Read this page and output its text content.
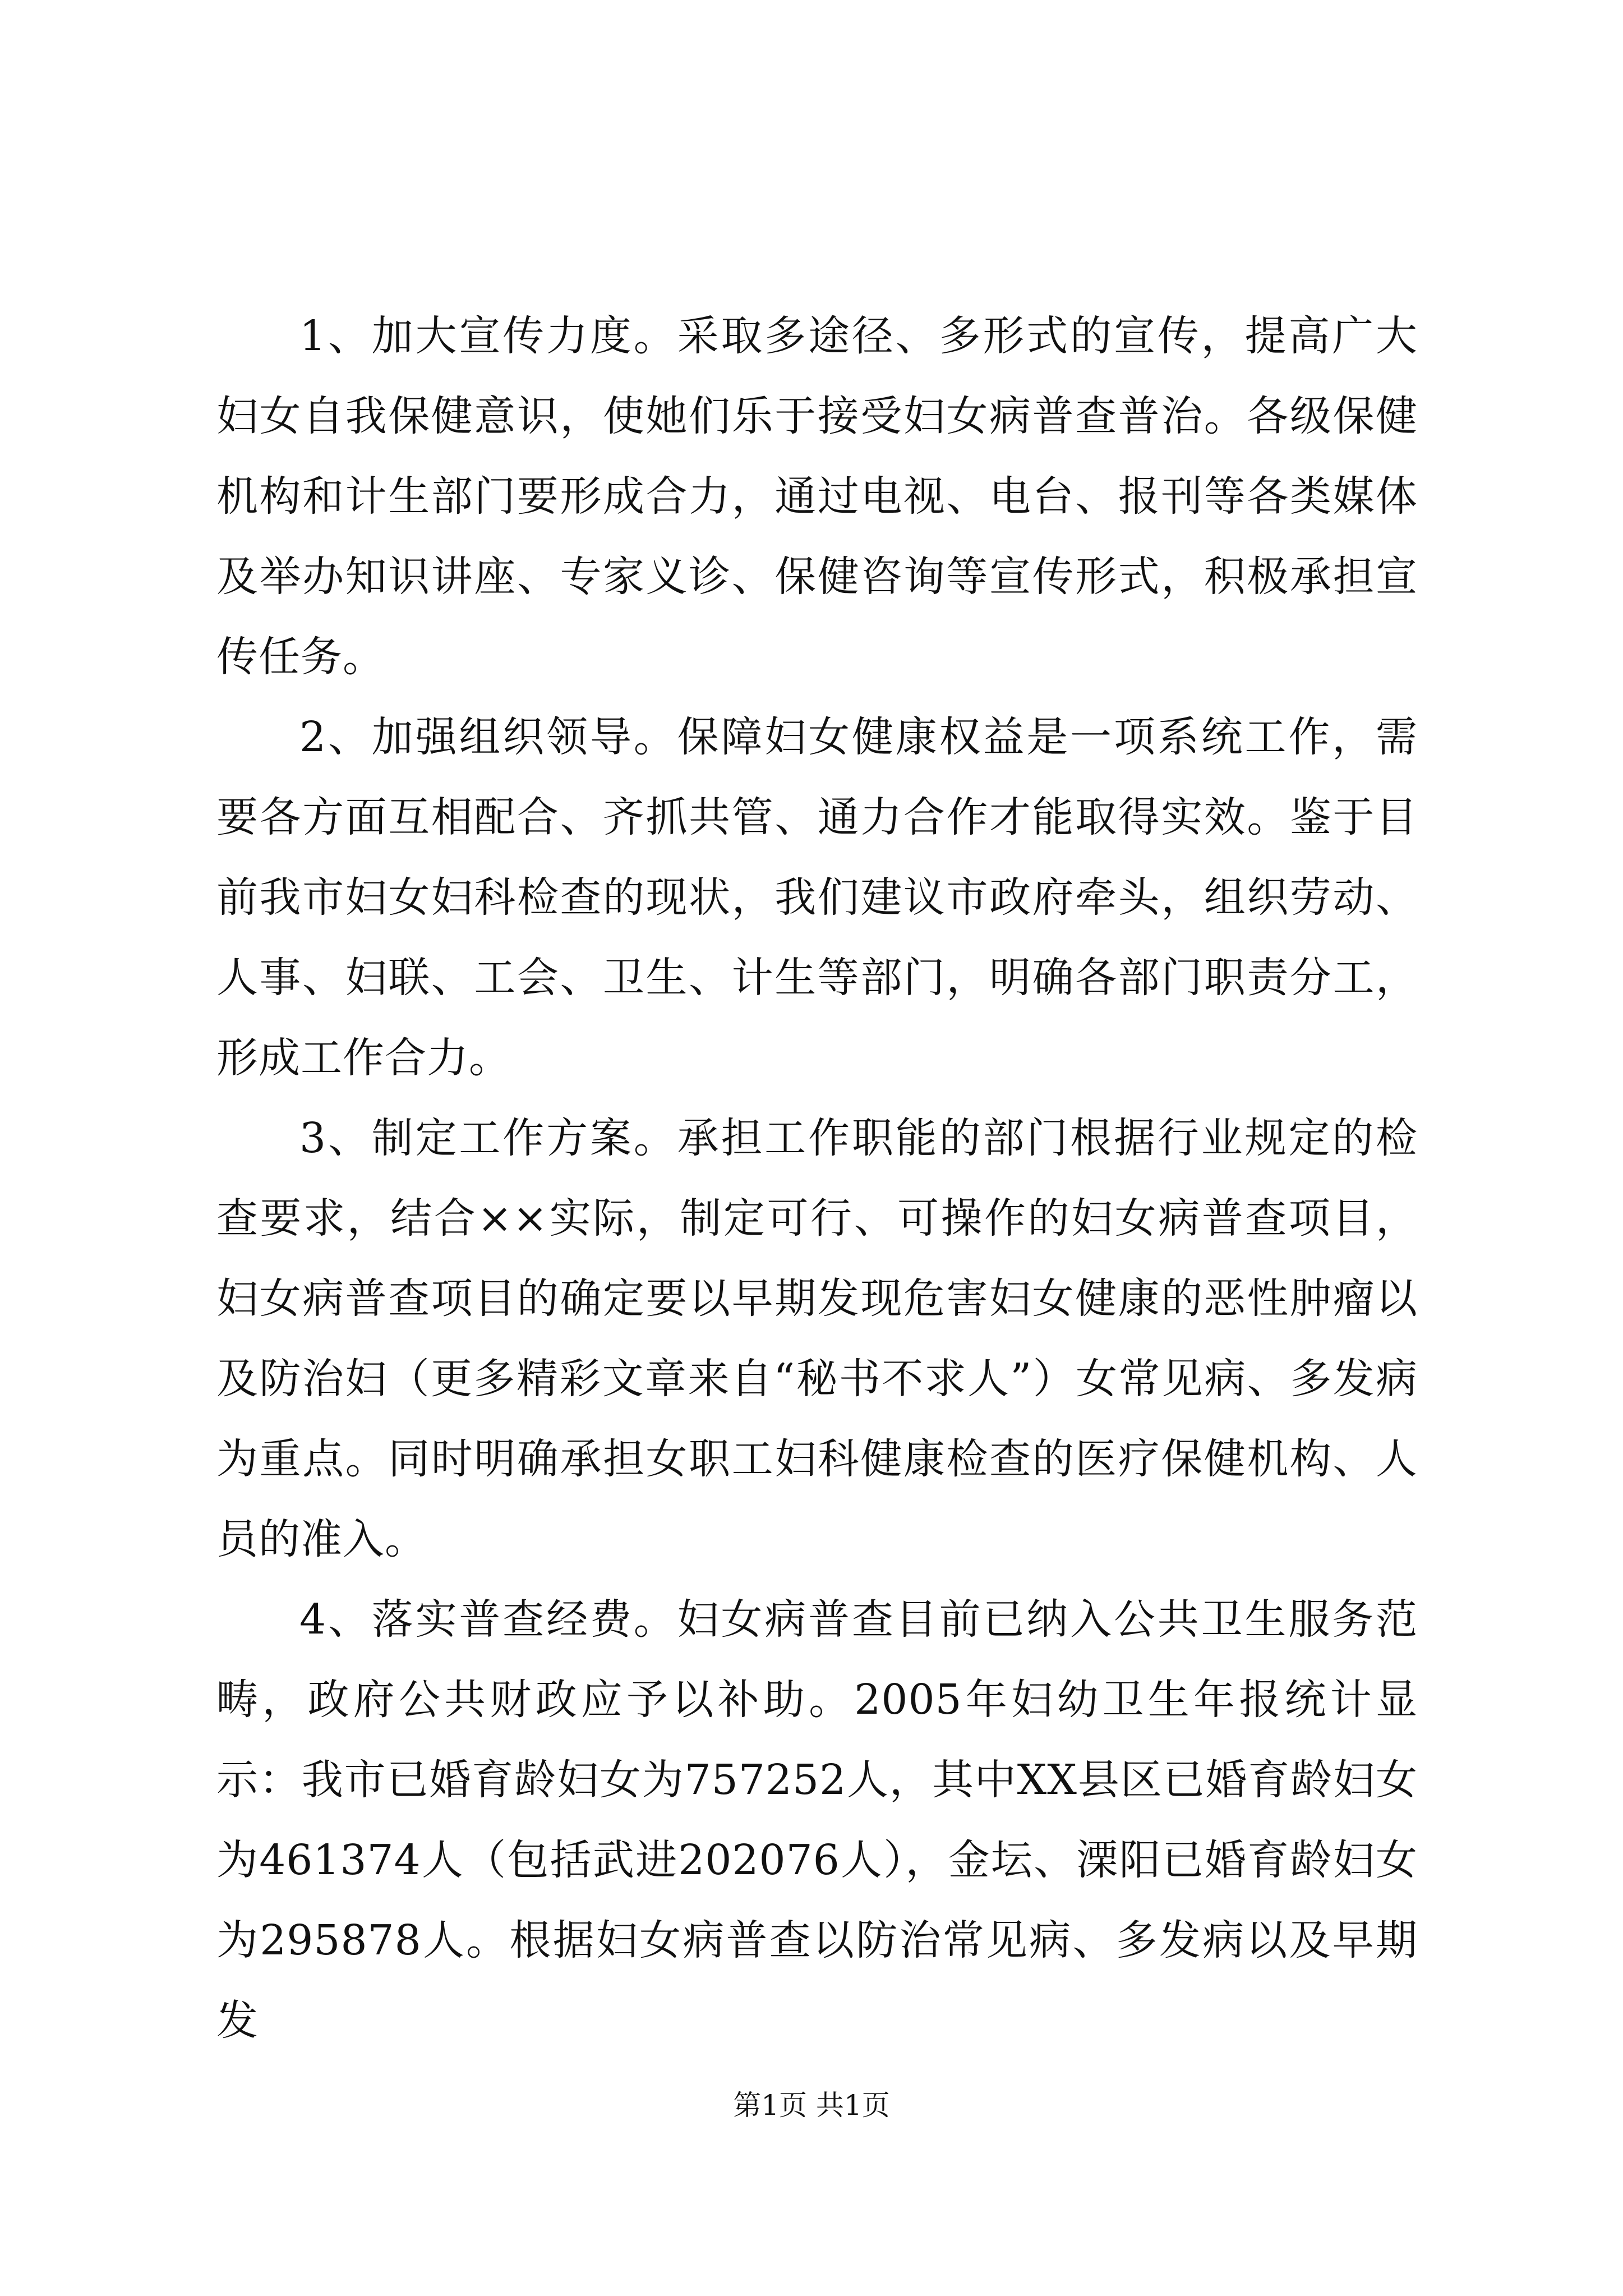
1、加大宣传力度。采取多途径、多形式的宣传，提高广大妇女自我保健意识，使她们乐于接受妇女病普查普治。各级保健机构和计生部门要形成合力，通过电视、电台、报刊等各类媒体及举办知识讲座、专家义诊、保健咨询等宣传形式，积极承担宣传任务。

2、加强组织领导。保障妇女健康权益是一项系统工作，需要各方面互相配合、齐抓共管、通力合作才能取得实效。鉴于目前我市妇女妇科检查的现状，我们建议市政府牵头，组织劳动、人事、妇联、工会、卫生、计生等部门，明确各部门职责分工，形成工作合力。

3、制定工作方案。承担工作职能的部门根据行业规定的检查要求，结合××实际，制定可行、可操作的妇女病普查项目，妇女病普查项目的确定要以早期发现危害妇女健康的恶性肿瘤以及防治妇（更多精彩文章来自“秘书不求人”）女常见病、多发病为重点。同时明确承担女职工妇科健康检查的医疗保健机构、人员的准入。

4、落实普查经费。妇女病普查目前已纳入公共卫生服务范畴，政府公共财政应予以补助。2005年妇幼卫生年报统计显示：我市已婚育龄妇女为757252人，其中XX县区已婚育龄妇女为461374人（包括武进202076人），金坛、溧阳已婚育龄妇女为295878人。根据妇女病普查以防治常见病、多发病以及早期发

第1页 共1页
